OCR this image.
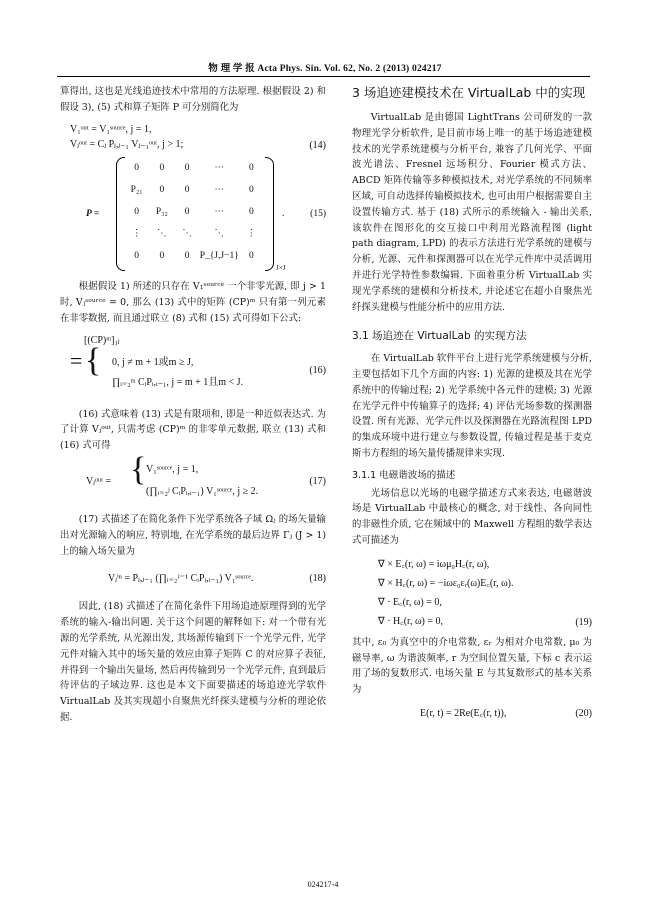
物 理 学 报 Acta Phys. Sin. Vol. 62, No. 2 (2013) 024217

算得出, 这也是光线追迹技术中常用的方法原理. 根据假设 2) 和假设 3), (5) 式和算子矩阵 P 可分别简化为

V₁ᵒᵘᵗ = V₁ˢᵒᵘʳᶜᵉ, j = 1,
Vⱼᵒᵘᵗ = Cⱼ Pⱼ,ⱼ₋₁ Vⱼ₋₁ᵒᵘᵗ, j > 1;	(14)
P =
0	0	0	⋯	0
P₂₁	0	0	⋯	0
0	P₃₂	0	⋯	0
⋮	⋱	⋱	⋱	⋮
0	0	0	P_{J,J−1}	0
J×J
.	(15)

根据假设 1) 所述的只存在 V₁ˢᵒᵘʳᶜᵉ 一个非零光源, 即 j > 1 时, Vⱼˢᵒᵘʳᶜᵉ = 0, 那么 (13) 式中的矩阵 (CP)ᵐ 只有第一列元素在非零数据, 而且通过联立 (8) 式和 (15) 式可得如下公式:

[(CP)ᵐ]₁ⱼ
= { 0, j ≠ m + 1或m ≥ J,
∏ᵢ₌₂ᵐ CᵢPᵢ,ᵢ₋₁, j = m + 1且m < J.
(16)

(16) 式意味着 (13) 式是有限项和, 即是一种近似表达式. 为了计算 Vⱼᵒᵘᵗ, 只需考虑 (CP)ᵐ 的非零单元数据, 联立 (13) 式和 (16) 式可得

Vⱼᵒᵘᵗ = { V₁ˢᵒᵘʳᶜᵉ, j = 1,
(∏ᵢ₌₂ʲ CᵢPᵢ,ᵢ₋₁) V₁ˢᵒᵘʳᶜᵉ, j ≥ 2.
(17)

(17) 式描述了在简化条件下光学系统各子域 Ωⱼ 的场矢量输出对光源输入的响应, 特别地, 在光学系统的最后边界 Γⱼ (J > 1) 上的输入场矢量为

Vⱼⁱⁿ = Pⱼ,ⱼ₋₁ (∏ᵢ₌₂ᴶ⁻¹ CᵢPᵢ,ᵢ₋₁) V₁ˢᵒᵘʳᶜᵉ.	(18)

因此, (18) 式描述了在简化条件下用场追迹原理得到的光学系统的输入-输出问题. 关于这个问题的解释如下: 对一个带有光源的光学系统, 从光源出发, 其场源传输到下一个光学元件, 光学元件对输入其中的场矢量的效应由算子矩阵 C 的对应算子表征, 并得到一个输出矢量场, 然后再传输到另一个光学元件, 直到最后待评估的子域边界. 这也是本文下面要描述的场追迹光学软件 VirtualLab 及其实现超小自聚焦光纤探头建模与分析的理论依据.

3 场追迹建模技术在 VirtualLab 中的实现

VirtualLab 是由德国 LightTrans 公司研发的一款物理光学分析软件, 是目前市场上唯一的基于场追迹建模技术的光学系统建模与分析平台, 兼容了几何光学、平面波光谱法、Fresnel 远场积分、Fourier 模式方法、ABCD 矩阵传输等多种模拟技术, 对光学系统的不同频率区域, 可自动选择传输模拟技术, 也可由用户根据需要自主设置传输方式. 基于 (18) 式所示的系统输入 - 输出关系, 该软件在图形化的交互接口中利用光路流程图 (light path diagram, LPD) 的表示方法进行光学系统的建模与分析, 光源、元件和探测器可以在光学元件库中灵活调用并进行光学特性参数编辑. 下面着重分析 VirtualLab 实现光学系统的建模和分析技术, 并论述它在超小自聚焦光纤探头建模与性能分析中的应用方法.

3.1 场追迹在 VirtualLab 的实现方法

在 VirtualLab 软件平台上进行光学系统建模与分析, 主要包括如下几个方面的内容: 1) 光源的建模及其在光学系统中的传输过程; 2) 光学系统中各元件的建模; 3) 光源在光学元件中传输算子的选择; 4) 评估光场参数的探测器设置. 所有光源、光学元件以及探测器在光路流程图 LPD 的集成环境中进行建立与参数设置, 传输过程是基于麦克斯韦方程组的场矢量传播规律来实现.

3.1.1 电磁谐波场的描述

光场信息以光场的电磁学描述方式来表达, 电磁谐波场是 VirtualLab 中最核心的概念, 对于线性、各向同性的非磁性介质, 它在频域中的 Maxwell 方程组的数学表达式可描述为

∇ × E꜀(r, ω) = iωμ₀H꜀(r, ω),
∇ × H꜀(r, ω) = −iωε₀εᵣ(ω)E꜀(r, ω).
∇ · E꜀(r, ω) = 0,
∇ · H꜀(r, ω) = 0,	(19)

其中, ε₀ 为真空中的介电常数, εᵣ 为相对介电常数, μ₀ 为磁导率, ω 为谐波频率, r 为空间位置矢量, 下标 c 表示运用了场的复数形式. 电场矢量 E 与其复数形式的基本关系为

E(r, t) = 2Re(E꜀(r, t)),	(20)
024217-4
